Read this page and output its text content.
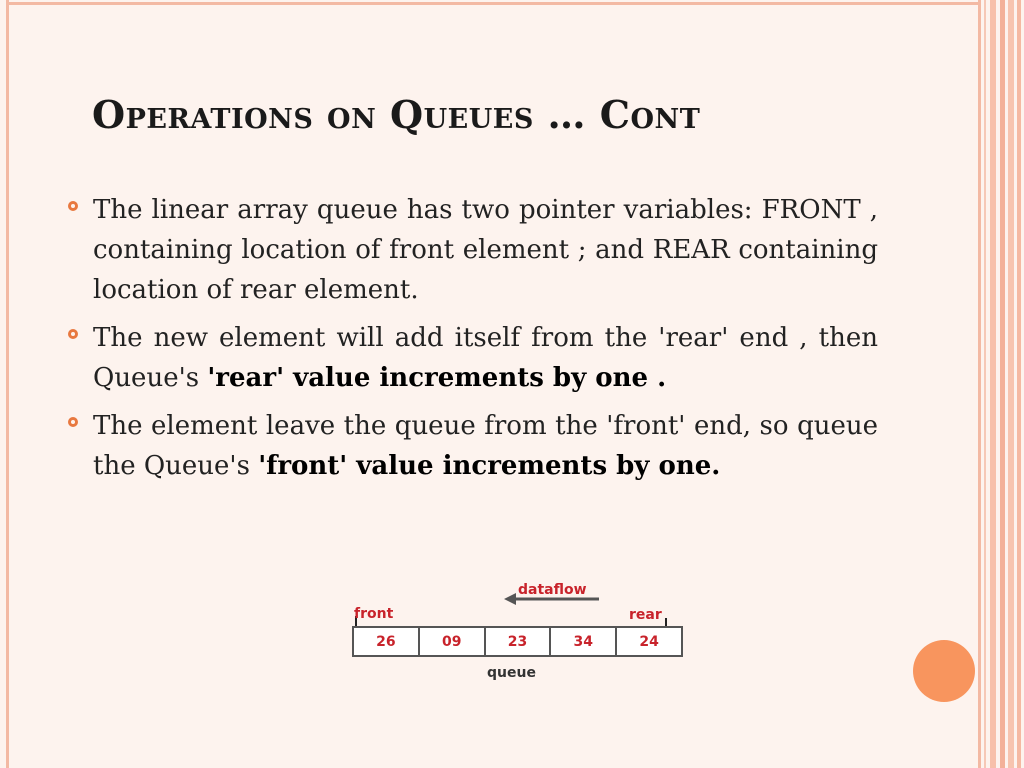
Operations on Queues … Cont
The linear array queue has two pointer variables: FRONT , containing location of front element ; and REAR containing location of rear element.
The new element will add itself from the 'rear' end , then Queue's 'rear' value increments by one .
The element leave the queue from the 'front' end, so queue the Queue's 'front' value increments by one.
dataflow
front	rear
26	09	23	34	24
queue
